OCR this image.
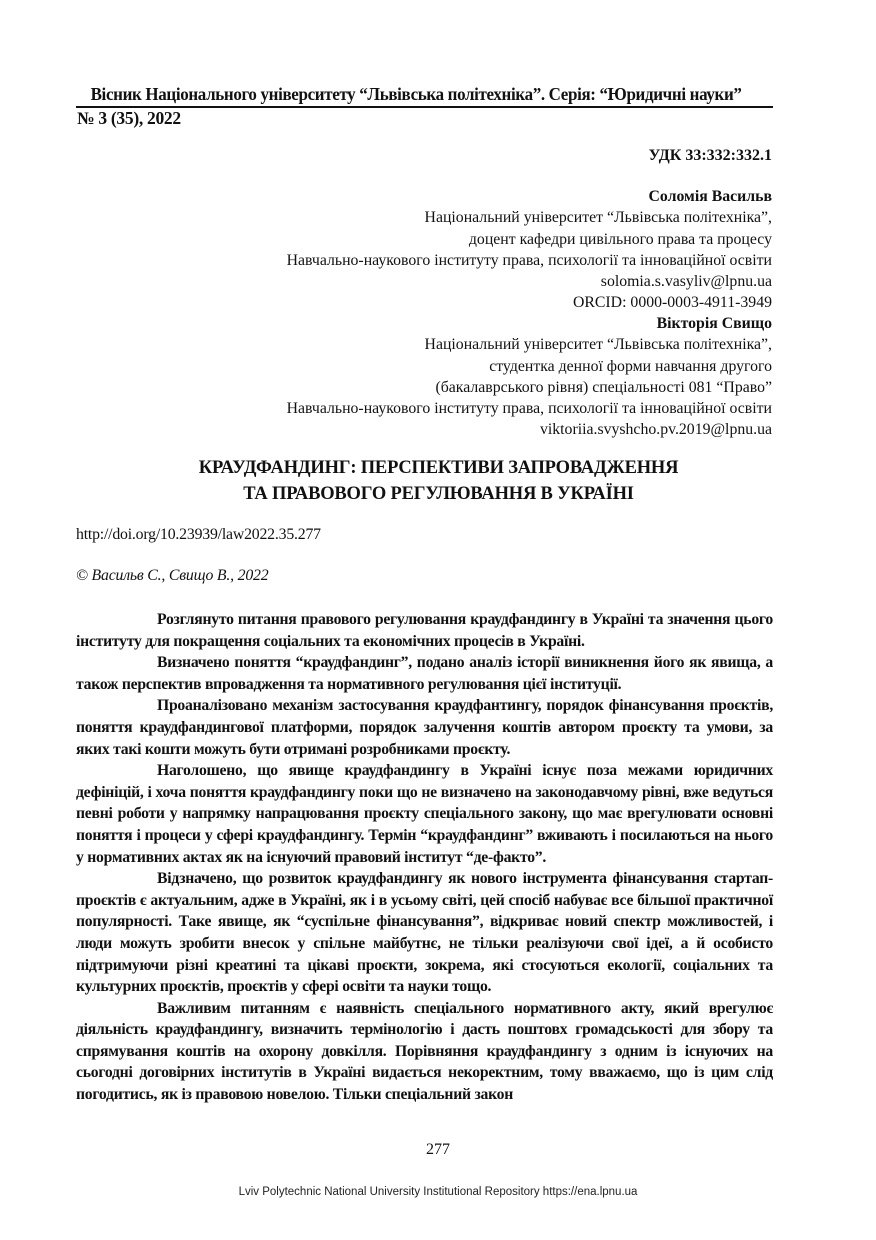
Вісник Національного університету “Львівська політехніка”. Серія: “Юридичні науки”
№ 3 (35), 2022
УДК 33:332:332.1
Соломія Васильв
Національний університет “Львівська політехніка”,
доцент кафедри цивільного права та процесу
Навчально-наукового інституту права, психології та інноваційної освіти
solomia.s.vasyliv@lpnu.ua
ORCID: 0000-0003-4911-3949
Вікторія Свищо
Національний університет “Львівська політехніка”,
студентка денної форми навчання другого
(бакалаврського рівня) спеціальності 081 “Право”
Навчально-наукового інституту права, психології та інноваційної освіти
viktoriia.svyshcho.pv.2019@lpnu.ua
КРАУДФАНДИНГ: ПЕРСПЕКТИВИ ЗАПРОВАДЖЕННЯ
ТА ПРАВОВОГО РЕГУЛЮВАННЯ В УКРАЇНІ
http://doi.org/10.23939/law2022.35.277
© Васильв С., Свищо В., 2022

Розглянуто питання правового регулювання краудфандингу в Україні та значення цього інституту для покращення соціальних та економічних процесів в Україні.

Визначено поняття “краудфандинг”, подано аналіз історії виникнення його як явища, а також перспектив впровадження та нормативного регулювання цієї інституції.

Проаналізовано механізм застосування краудфантингу, порядок фінансування проєктів, поняття краудфандингової платформи, порядок залучення коштів автором проєкту та умови, за яких такі кошти можуть бути отримані розробниками проєкту.

Наголошено, що явище краудфандингу в Україні існує поза межами юридичних дефініцій, і хоча поняття краудфандингу поки що не визначено на законодавчому рівні, вже ведуться певні роботи у напрямку напрацювання проєкту спеціального закону, що має врегулювати основні поняття і процеси у сфері краудфандингу. Термін “краудфандинг” вживають і посилаються на нього у нормативних актах як на існуючий правовий інститут “де-факто”.

Відзначено, що розвиток краудфандингу як нового інструмента фінансування стартап-проєктів є актуальним, адже в Україні, як і в усьому світі, цей спосіб набуває все більшої практичної популярності. Таке явище, як “суспільне фінансування”, відкриває новий спектр можливостей, і люди можуть зробити внесок у спільне майбутнє, не тільки реалізуючи свої ідеї, а й особисто підтримуючи різні креатині та цікаві проєкти, зокрема, які стосуються екології, соціальних та культурних проєктів, проєктів у сфері освіти та науки тощо.

Важливим питанням є наявність спеціального нормативного акту, який врегулює діяльність краудфандингу, визначить термінологію і дасть поштовх громадськості для збору та спрямування коштів на охорону довкілля. Порівняння краудфандингу з одним із існуючих на сьогодні договірних інститутів в Україні видається некоректним, тому вважаємо, що із цим слід погодитись, як із правовою новелою. Тільки спеціальний закон

277
Lviv Polytechnic National University Institutional Repository https://ena.lpnu.ua
